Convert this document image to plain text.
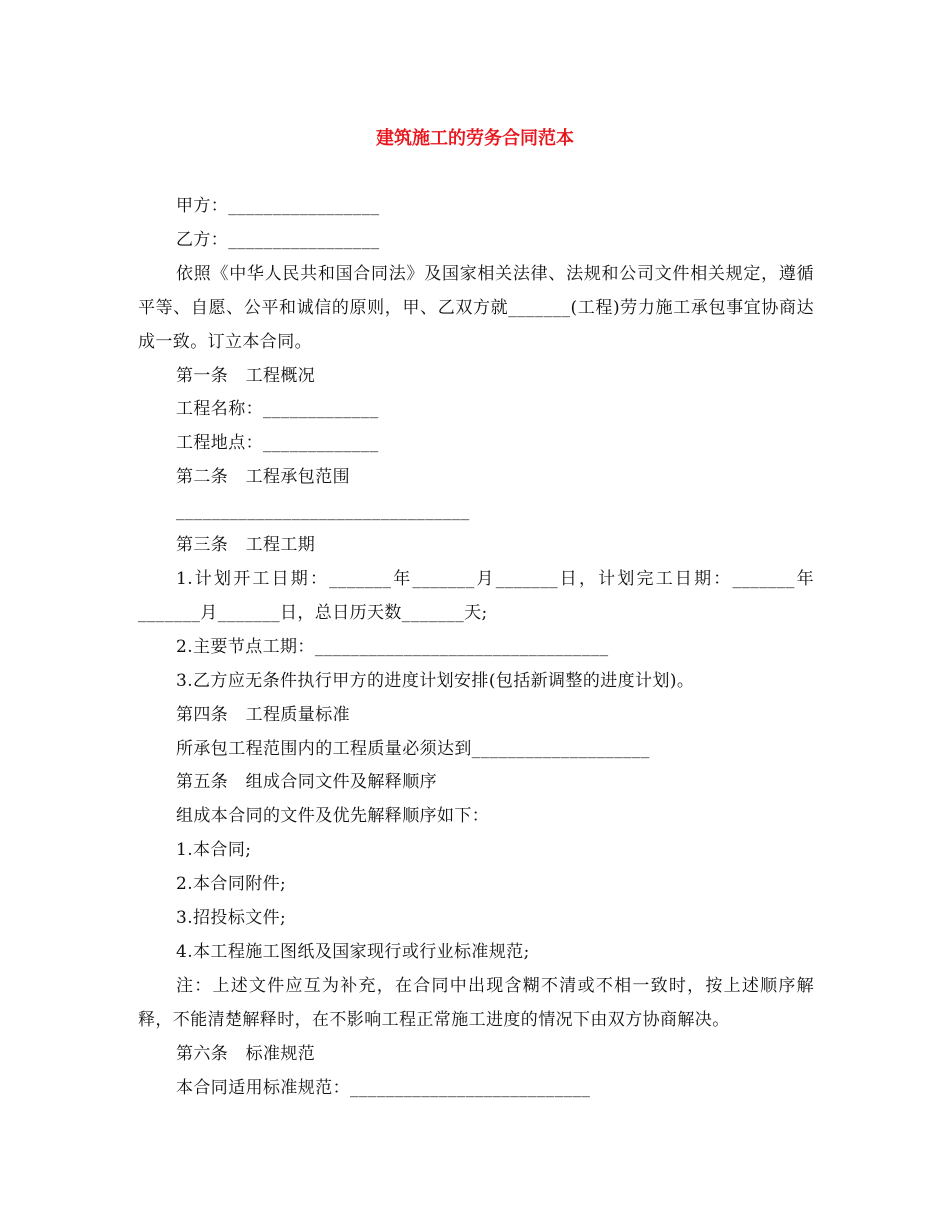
建筑施工的劳务合同范本

甲方：_________________

乙方：_________________

依照《中华人民共和国合同法》及国家相关法律、法规和公司文件相关规定，遵循平等、自愿、公平和诚信的原则，甲、乙双方就_______(工程)劳力施工承包事宜协商达成一致。订立本合同。

第一条　工程概况

工程名称：_____________

工程地点：_____________

第二条　工程承包范围

_________________________________

第三条　工程工期

1.计划开工日期：_______年_______月_______日，计划完工日期：_______年_______月_______日，总日历天数_______天;

2.主要节点工期：_________________________________

3.乙方应无条件执行甲方的进度计划安排(包括新调整的进度计划)。

第四条　工程质量标准

所承包工程范围内的工程质量必须达到____________________

第五条　组成合同文件及解释顺序

组成本合同的文件及优先解释顺序如下：

1.本合同;

2.本合同附件;

3.招投标文件;

4.本工程施工图纸及国家现行或行业标准规范;

注：上述文件应互为补充，在合同中出现含糊不清或不相一致时，按上述顺序解释，不能清楚解释时，在不影响工程正常施工进度的情况下由双方协商解决。

第六条　标准规范

本合同适用标准规范：___________________________
